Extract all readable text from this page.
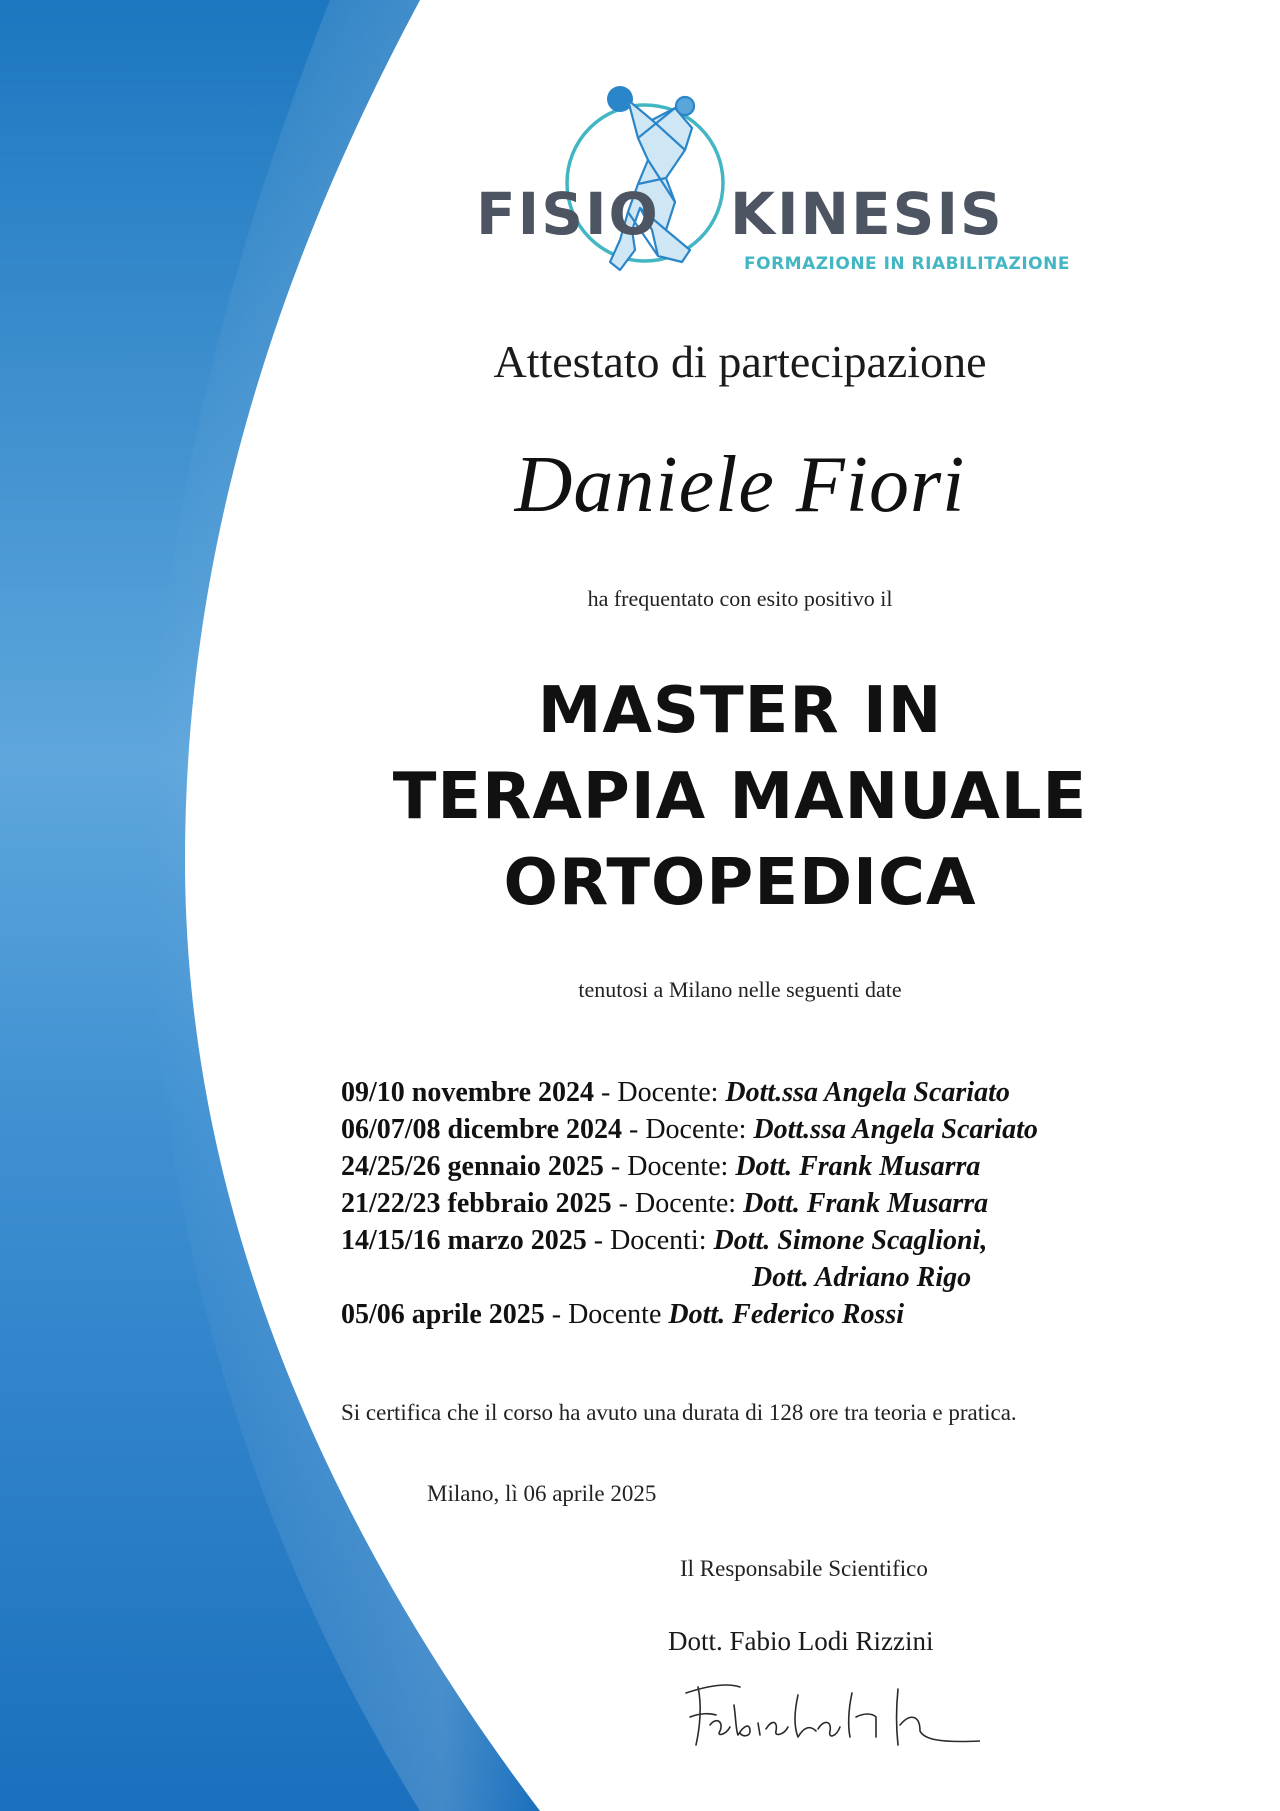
FISIO KINESIS
FORMAZIONE IN RIABILITAZIONE
Attestato di partecipazione
Daniele Fiori
ha frequentato con esito positivo il
MASTER IN
TERAPIA MANUALE
ORTOPEDICA
tenutosi a Milano nelle seguenti date
09/10 novembre 2024 - Docente: Dott.ssa Angela Scariato
06/07/08 dicembre 2024 - Docente: Dott.ssa Angela Scariato
24/25/26 gennaio 2025 - Docente: Dott. Frank Musarra
21/22/23 febbraio 2025 - Docente: Dott. Frank Musarra
14/15/16 marzo 2025 - Docenti: Dott. Simone Scaglioni,
Dott. Adriano Rigo
05/06 aprile 2025 - Docente Dott. Federico Rossi
Si certifica che il corso ha avuto una durata di 128 ore tra teoria e pratica.
Milano, lì 06 aprile 2025
Il Responsabile Scientifico
Dott. Fabio Lodi Rizzini
